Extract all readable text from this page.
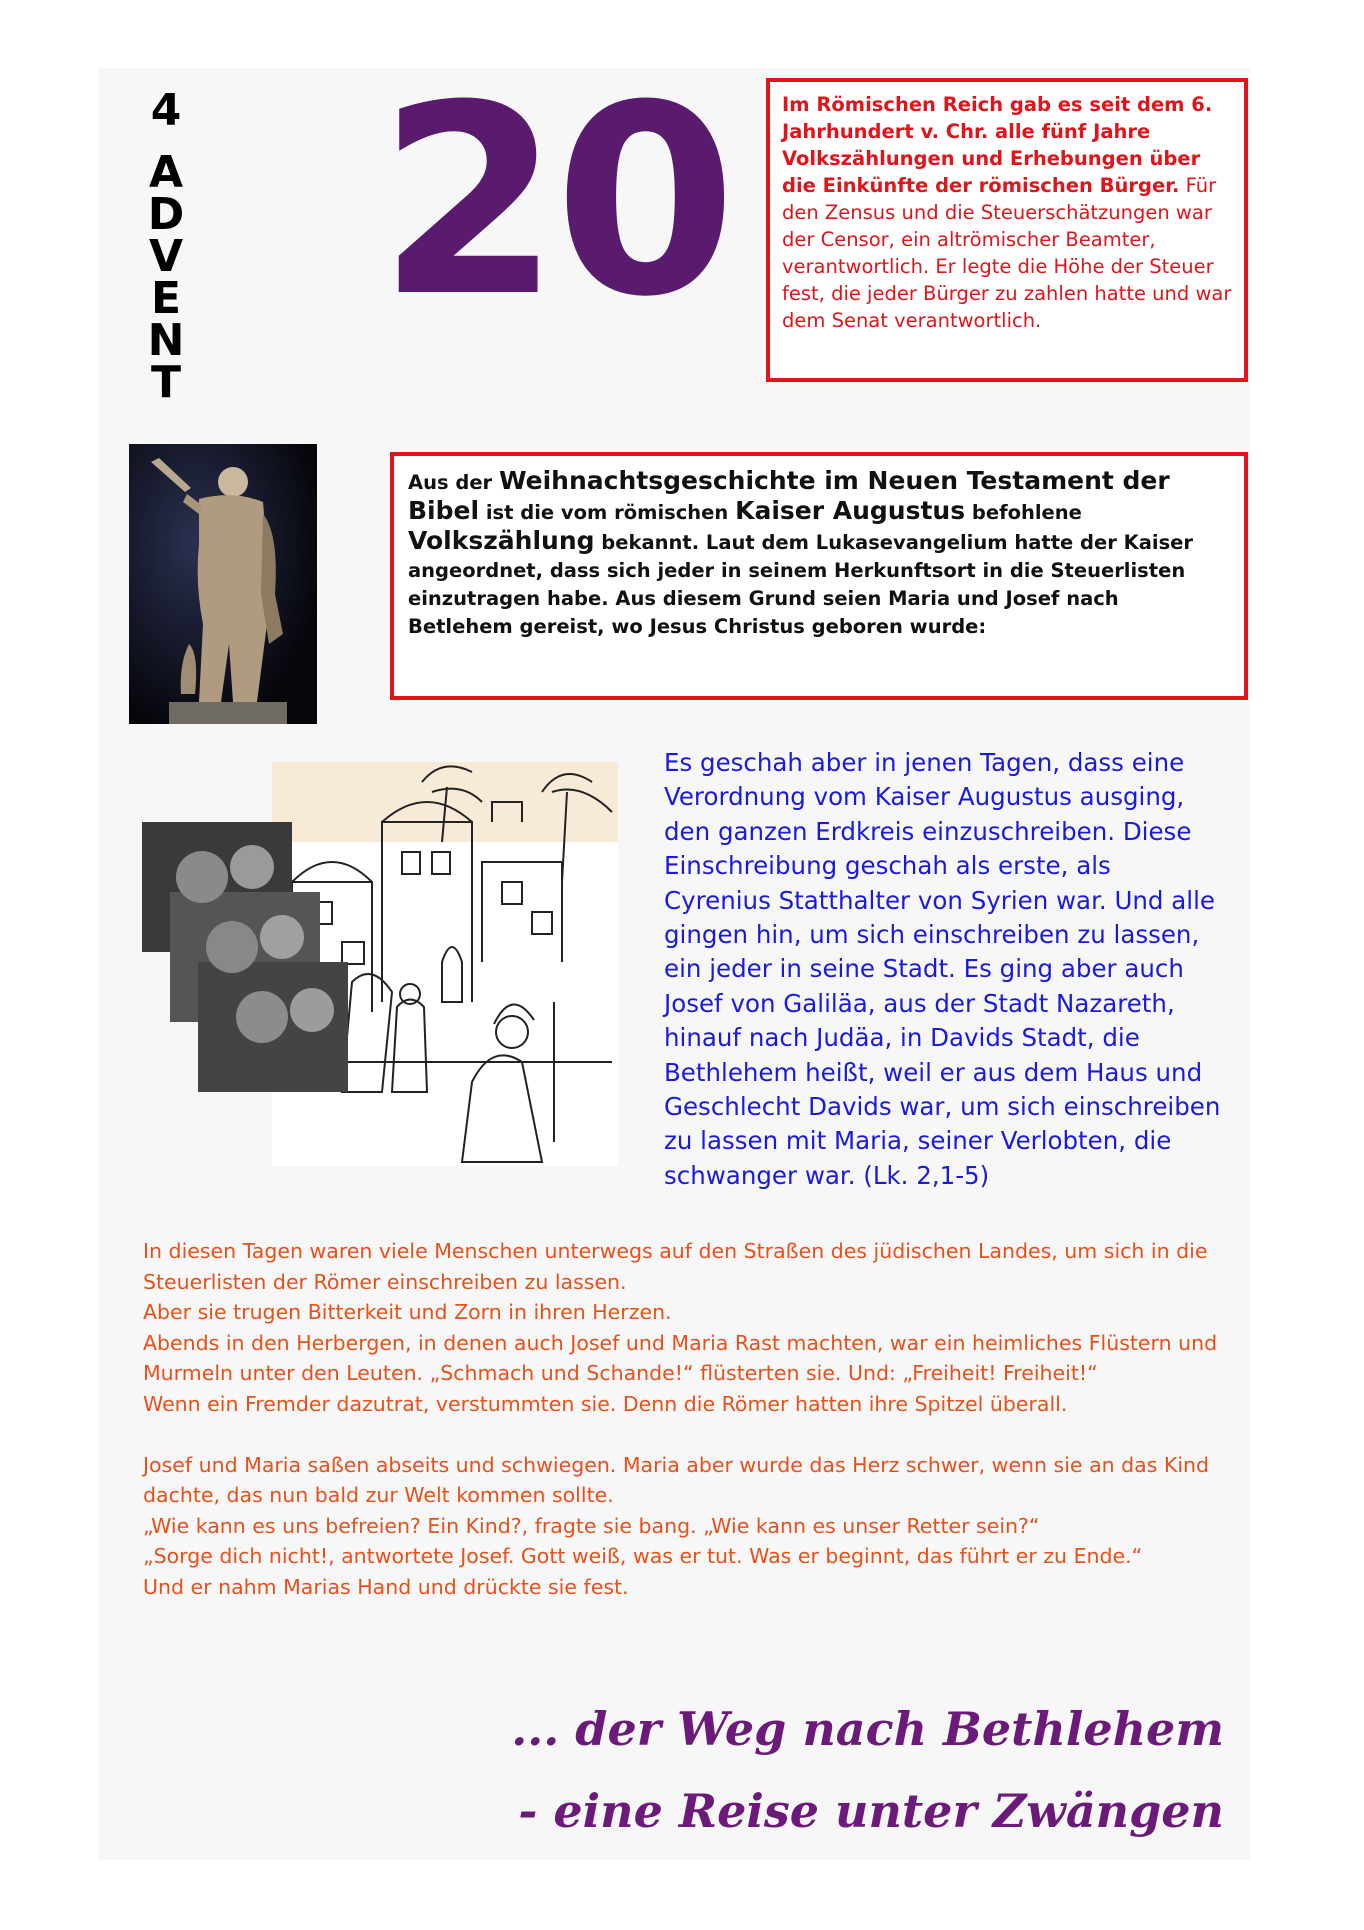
4
A
D
V
E
N
T
20	Im Römischen Reich gab es seit dem 6. Jahrhundert v. Chr. alle fünf Jahre Volkszählungen und Erhebungen über die Einkünfte der römischen Bürger. Für den Zensus und die Steuerschätzungen war der Censor, ein altrömischer Beamter, verantwortlich. Er legte die Höhe der Steuer fest, die jeder Bürger zu zahlen hatte und war dem Senat verantwortlich.

Aus der Weihnachtsgeschichte im Neuen Testament der Bibel ist die vom römischen Kaiser Augustus befohlene Volkszählung bekannt. Laut dem Lukasevangelium hatte der Kaiser angeordnet, dass sich jeder in seinem Herkunftsort in die Steuerlisten einzutragen habe. Aus diesem Grund seien Maria und Josef nach Betlehem gereist, wo Jesus Christus geboren wurde:

Es geschah aber in jenen Tagen, dass eine Verordnung vom Kaiser Augustus ausging, den ganzen Erdkreis einzuschreiben. Diese Einschreibung geschah als erste, als Cyrenius Statthalter von Syrien war. Und alle gingen hin, um sich einschreiben zu lassen, ein jeder in seine Stadt. Es ging aber auch Josef von Galiläa, aus der Stadt Nazareth, hinauf nach Judäa, in Davids Stadt, die Bethlehem heißt, weil er aus dem Haus und Geschlecht Davids war, um sich einschreiben zu lassen mit Maria, seiner Verlobten, die schwanger war. (Lk. 2,1-5)

In diesen Tagen waren viele Menschen unterwegs auf den Straßen des jüdischen Landes, um sich in die Steuerlisten der Römer einschreiben zu lassen.

Aber sie trugen Bitterkeit und Zorn in ihren Herzen.

Abends in den Herbergen, in denen auch Josef und Maria Rast machten, war ein heimliches Flüstern und Murmeln unter den Leuten. „Schmach und Schande!“ flüsterten sie. Und: „Freiheit! Freiheit!“

Wenn ein Fremder dazutrat, verstummten sie. Denn die Römer hatten ihre Spitzel überall.

Josef und Maria saßen abseits und schwiegen. Maria aber wurde das Herz schwer, wenn sie an das Kind dachte, das nun bald zur Welt kommen sollte.

„Wie kann es uns befreien? Ein Kind?, fragte sie bang. „Wie kann es unser Retter sein?“

„Sorge dich nicht!, antwortete Josef. Gott weiß, was er tut. Was er beginnt, das führt er zu Ende.“

Und er nahm Marias Hand und drückte sie fest.

... der Weg nach Bethlehem
- eine Reise unter Zwängen
